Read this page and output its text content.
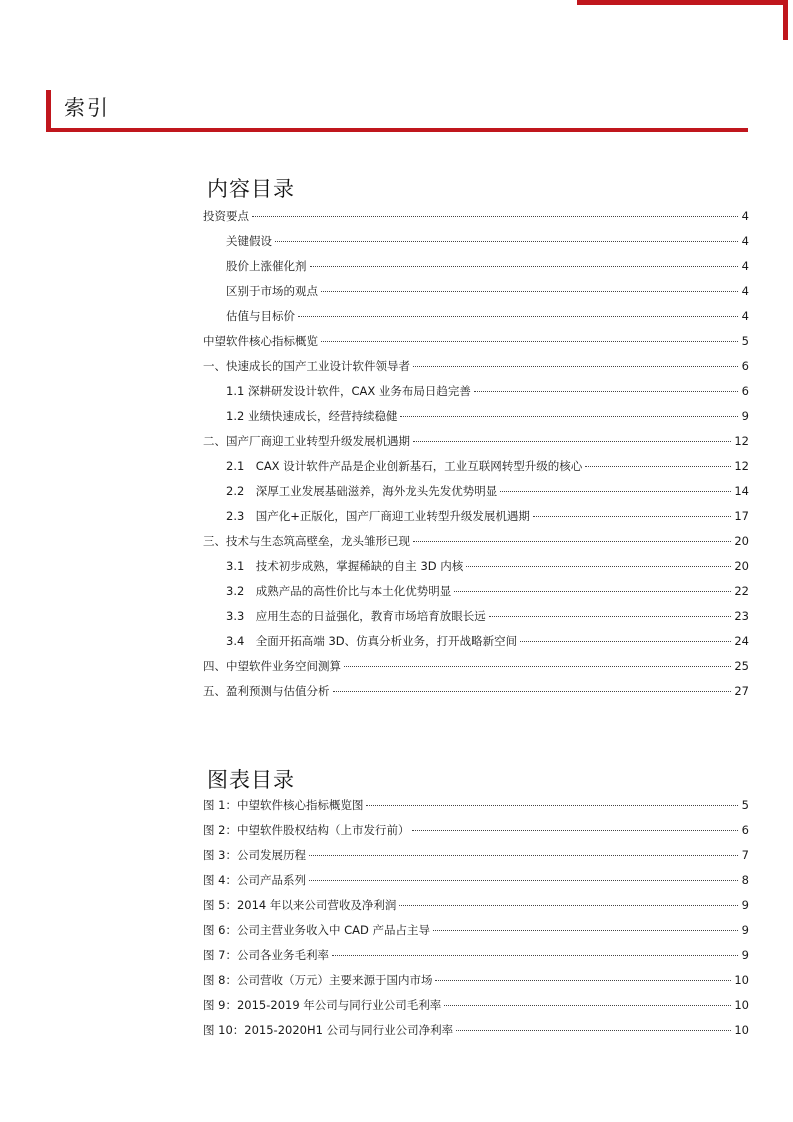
索引
内容目录
投资要点	4
关键假设	4
股价上涨催化剂	4
区别于市场的观点	4
估值与目标价	4
中望软件核心指标概览	5
一、快速成长的国产工业设计软件领导者	6
1.1 深耕研发设计软件，CAX 业务布局日趋完善	6
1.2 业绩快速成长，经营持续稳健	9
二、国产厂商迎工业转型升级发展机遇期	12
2.1　CAX 设计软件产品是企业创新基石，工业互联网转型升级的核心	12
2.2　深厚工业发展基础滋养，海外龙头先发优势明显	14
2.3　国产化+正版化，国产厂商迎工业转型升级发展机遇期	17
三、技术与生态筑高壁垒，龙头雏形已现	20
3.1　技术初步成熟，掌握稀缺的自主 3D 内核	20
3.2　成熟产品的高性价比与本土化优势明显	22
3.3　应用生态的日益强化，教育市场培育放眼长远	23
3.4　全面开拓高端 3D、仿真分析业务，打开战略新空间	24
四、中望软件业务空间测算	25
五、盈利预测与估值分析	27
图表目录
图 1：中望软件核心指标概览图	5
图 2：中望软件股权结构（上市发行前）	6
图 3：公司发展历程	7
图 4：公司产品系列	8
图 5：2014 年以来公司营收及净利润	9
图 6：公司主营业务收入中 CAD 产品占主导	9
图 7：公司各业务毛利率	9
图 8：公司营收（万元）主要来源于国内市场	10
图 9：2015-2019 年公司与同行业公司毛利率	10
图 10：2015-2020H1 公司与同行业公司净利率	10
